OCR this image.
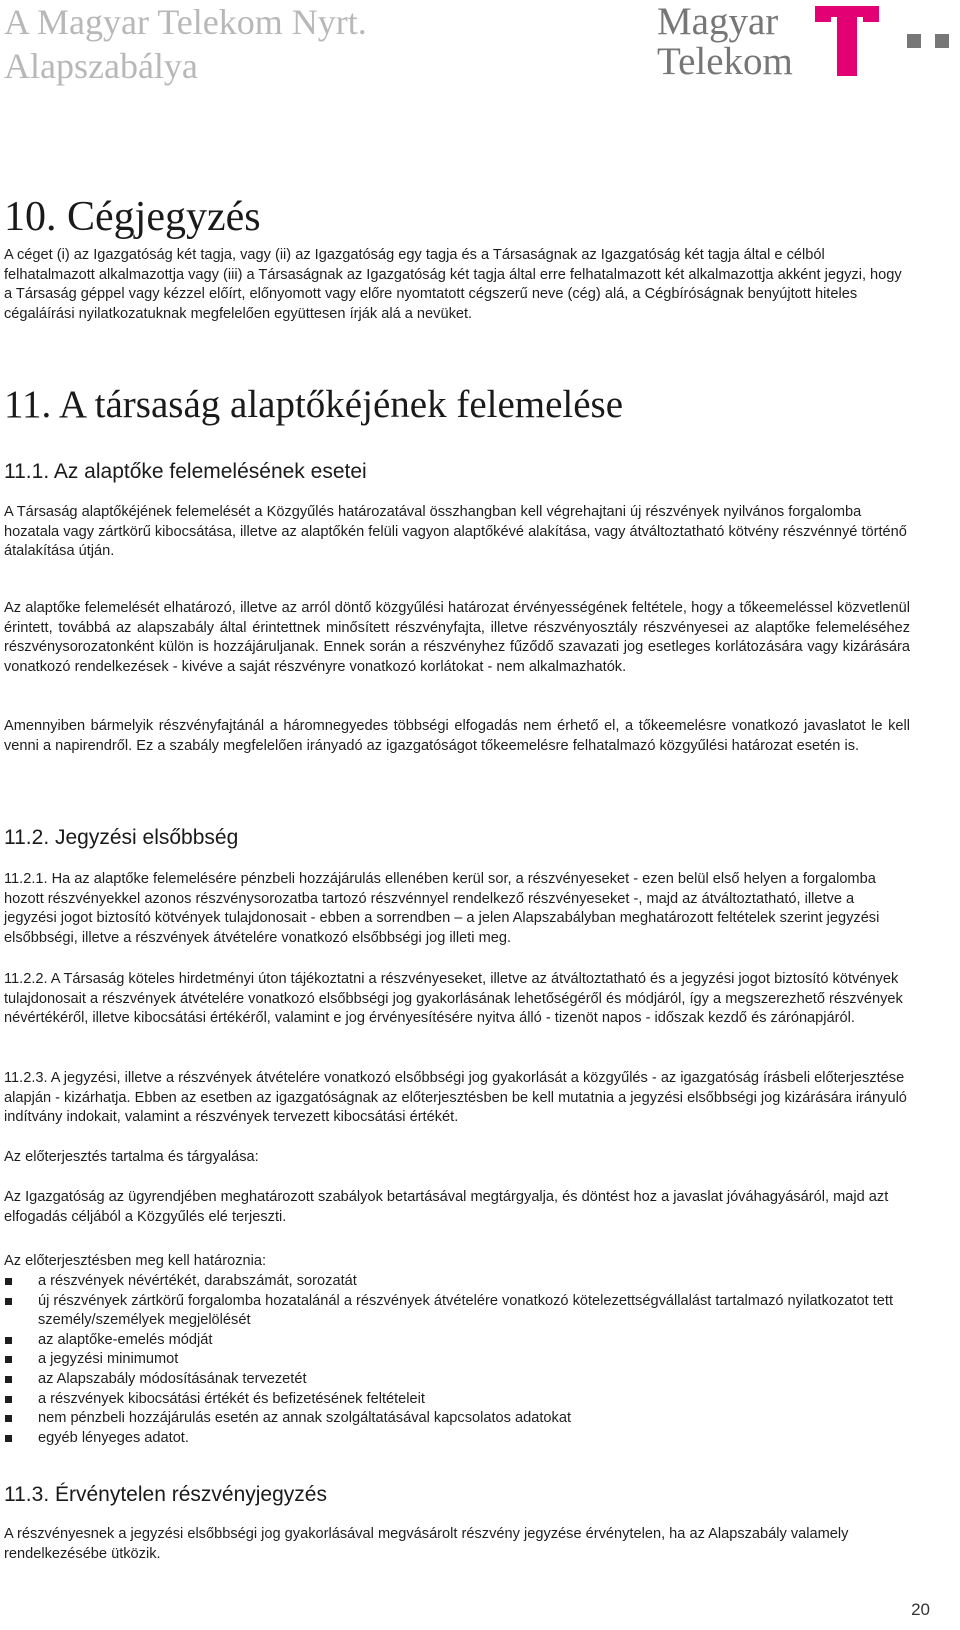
A Magyar Telekom Nyrt.
Alapszabálya
Magyar
Telekom
10. Cégjegyzés

A céget (i) az Igazgatóság két tagja, vagy (ii) az Igazgatóság egy tagja és a Társaságnak az Igazgatóság két tagja által e célból felhatalmazott alkalmazottja vagy (iii) a Társaságnak az Igazgatóság két tagja által erre felhatalmazott két alkalmazottja akként jegyzi, hogy a Társaság géppel vagy kézzel előírt, előnyomott vagy előre nyomtatott cégszerű neve (cég) alá, a Cégbíróságnak benyújtott hiteles cégaláírási nyilatkozatuknak megfelelően együttesen írják alá a nevüket.

11. A társaság alaptőkéjének felemelése
11.1. Az alaptőke felemelésének esetei

A Társaság alaptőkéjének felemelését a Közgyűlés határozatával összhangban kell végrehajtani új részvények nyilvános forgalomba hozatala vagy zártkörű kibocsátása, illetve az alaptőkén felüli vagyon alaptőkévé alakítása, vagy átváltoztatható kötvény részvénnyé történő átalakítása útján.

Az alaptőke felemelését elhatározó, illetve az arról döntő közgyűlési határozat érvényességének feltétele, hogy a tőkeemeléssel közvetlenül érintett, továbbá az alapszabály által érintettnek minősített részvényfajta, illetve részvényosztály részvényesei az alaptőke felemeléséhez részvénysorozatonként külön is hozzájáruljanak. Ennek során a részvényhez fűződő szavazati jog esetleges korlátozására vagy kizárására vonatkozó rendelkezések - kivéve a saját részvényre vonatkozó korlátokat - nem alkalmazhatók.

Amennyiben bármelyik részvényfajtánál a háromnegyedes többségi elfogadás nem érhető el, a tőkeemelésre vonatkozó javaslatot le kell venni a napirendről. Ez a szabály megfelelően irányadó az igazgatóságot tőkeemelésre felhatalmazó közgyűlési határozat esetén is.

11.2. Jegyzési elsőbbség

11.2.1. Ha az alaptőke felemelésére pénzbeli hozzájárulás ellenében kerül sor, a részvényeseket - ezen belül első helyen a forgalomba hozott részvényekkel azonos részvénysorozatba tartozó részvénnyel rendelkező részvényeseket -, majd az átváltoztatható, illetve a jegyzési jogot biztosító kötvények tulajdonosait - ebben a sorrendben – a jelen Alapszabályban meghatározott feltételek szerint jegyzési elsőbbségi, illetve a részvények átvételére vonatkozó elsőbbségi jog illeti meg.

11.2.2. A Társaság köteles hirdetményi úton tájékoztatni a részvényeseket, illetve az átváltoztatható és a jegyzési jogot biztosító kötvények tulajdonosait a részvények átvételére vonatkozó elsőbbségi jog gyakorlásának lehetőségéről és módjáról, így a megszerezhető részvények névértékéről, illetve kibocsátási értékéről, valamint e jog érvényesítésére nyitva álló - tizenöt napos - időszak kezdő és zárónapjáról.

11.2.3. A jegyzési, illetve a részvények átvételére vonatkozó elsőbbségi jog gyakorlását a közgyűlés - az igazgatóság írásbeli előterjesztése alapján - kizárhatja. Ebben az esetben az igazgatóságnak az előterjesztésben be kell mutatnia a jegyzési elsőbbségi jog kizárására irányuló indítvány indokait, valamint a részvények tervezett kibocsátási értékét.

Az előterjesztés tartalma és tárgyalása:

Az Igazgatóság az ügyrendjében meghatározott szabályok betartásával megtárgyalja, és döntést hoz a javaslat jóváhagyásáról, majd azt elfogadás céljából a Közgyűlés elé terjeszti.

Az előterjesztésben meg kell határoznia:

a részvények névértékét, darabszámát, sorozatát
új részvények zártkörű forgalomba hozatalánál a részvények átvételére vonatkozó kötelezettségvállalást tartalmazó nyilatkozatot tett személy/személyek megjelölését
az alaptőke-emelés módját
a jegyzési minimumot
az Alapszabály módosításának tervezetét
a részvények kibocsátási értékét és befizetésének feltételeit
nem pénzbeli hozzájárulás esetén az annak szolgáltatásával kapcsolatos adatokat
egyéb lényeges adatot.
11.3. Érvénytelen részvényjegyzés

A részvényesnek a jegyzési elsőbbségi jog gyakorlásával megvásárolt részvény jegyzése érvénytelen, ha az Alapszabály valamely rendelkezésébe ütközik.

20
